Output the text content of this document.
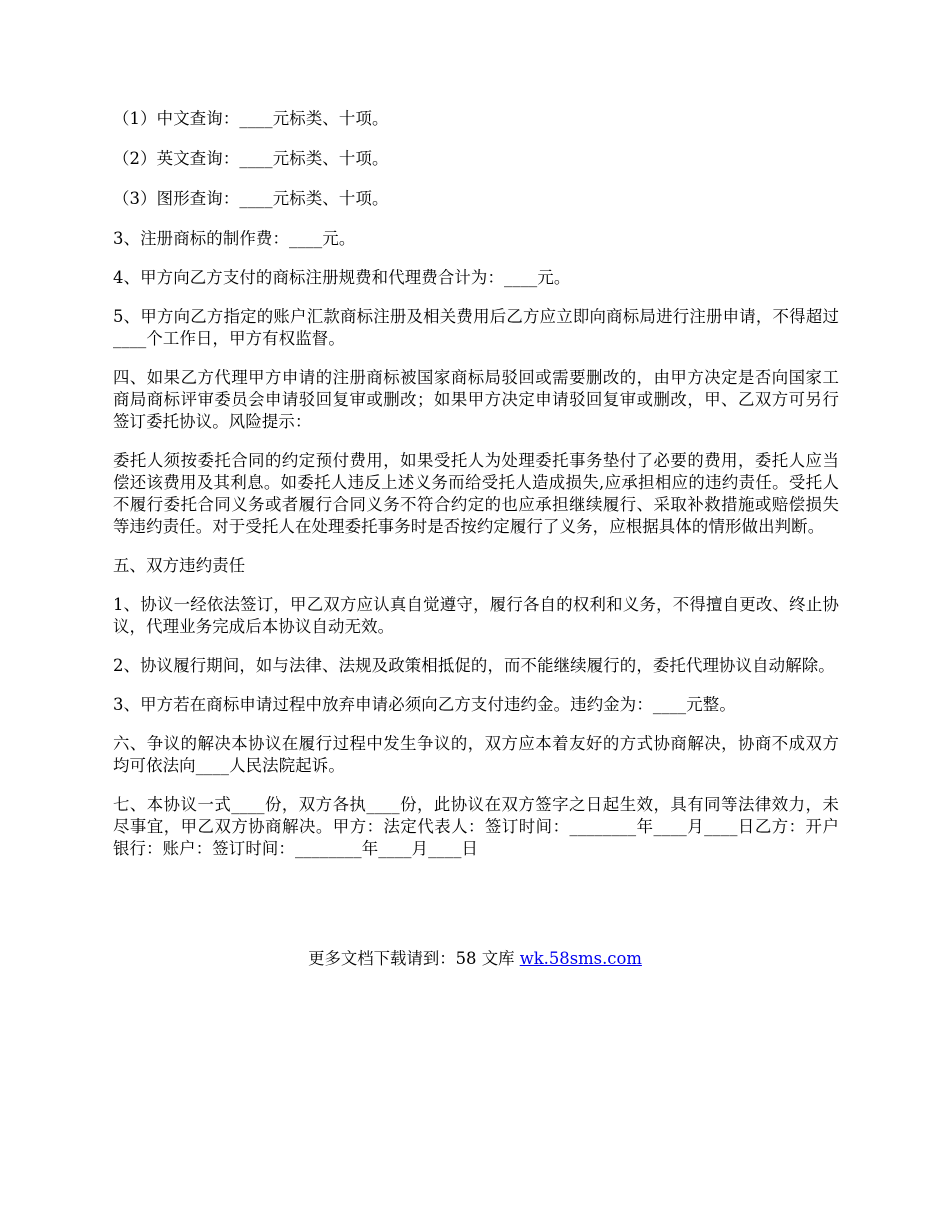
（1）中文查询：____元标类、十项。

（2）英文查询：____元标类、十项。

（3）图形查询：____元标类、十项。

3、注册商标的制作费：____元。

4、甲方向乙方支付的商标注册规费和代理费合计为：____元。

5、甲方向乙方指定的账户汇款商标注册及相关费用后乙方应立即向商标局进行注册申请，不得超过____个工作日，甲方有权监督。

四、如果乙方代理甲方申请的注册商标被国家商标局驳回或需要删改的，由甲方决定是否向国家工商局商标评审委员会申请驳回复审或删改；如果甲方决定申请驳回复审或删改，甲、乙双方可另行签订委托协议。风险提示：

委托人须按委托合同的约定预付费用，如果受托人为处理委托事务垫付了必要的费用，委托人应当偿还该费用及其利息。如委托人违反上述义务而给受托人造成损失,应承担相应的违约责任。受托人不履行委托合同义务或者履行合同义务不符合约定的也应承担继续履行、采取补救措施或赔偿损失等违约责任。对于受托人在处理委托事务时是否按约定履行了义务，应根据具体的情形做出判断。

五、双方违约责任

1、协议一经依法签订，甲乙双方应认真自觉遵守，履行各自的权利和义务，不得擅自更改、终止协议，代理业务完成后本协议自动无效。

2、协议履行期间，如与法律、法规及政策相抵促的，而不能继续履行的，委托代理协议自动解除。

3、甲方若在商标申请过程中放弃申请必须向乙方支付违约金。违约金为：____元整。

六、争议的解决本协议在履行过程中发生争议的，双方应本着友好的方式协商解决，协商不成双方均可依法向____人民法院起诉。

七、本协议一式____份，双方各执____份，此协议在双方签字之日起生效，具有同等法律效力，未尽事宜，甲乙双方协商解决。甲方：法定代表人：签订时间：________年____月____日乙方：开户银行：账户：签订时间：________年____月____日

更多文档下载请到：58 文库 wk.58sms.com
